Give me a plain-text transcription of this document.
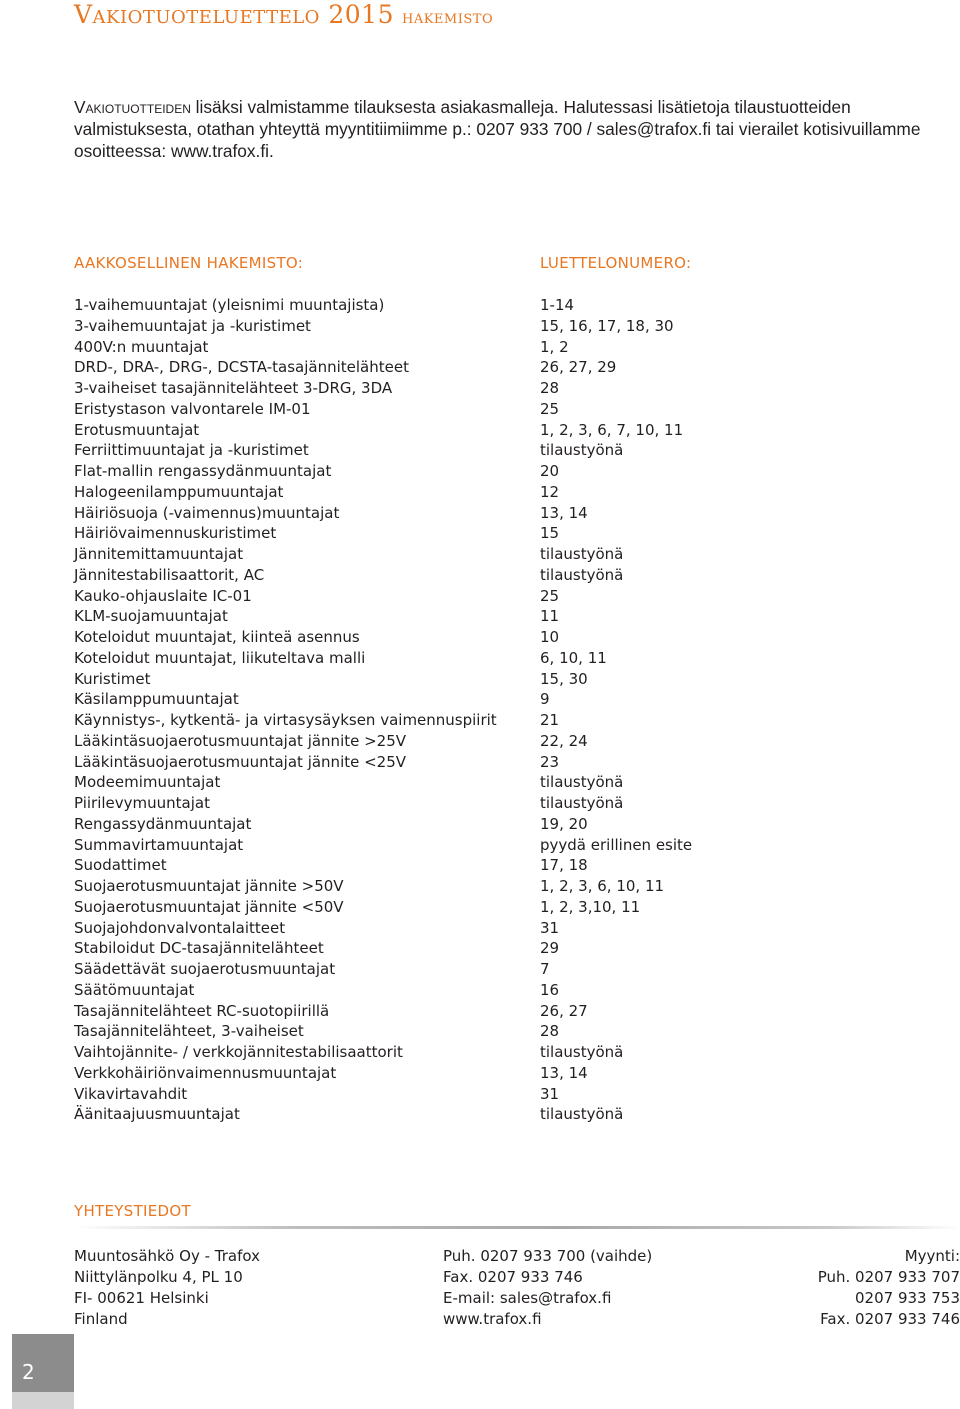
Vakiotuoteluettelo 2015 hakemisto

Vakiotuotteiden lisäksi valmistamme tilauksesta asiakasmalleja. Halutessasi lisätietoja tilaustuotteiden valmistuksesta, otathan yhteyttä myyntitiimiimme p.: 0207 933 700 / sales@trafox.fi tai vierailet kotisivuillamme osoitteessa: www.trafox.fi.

AAKKOSELLINEN HAKEMISTO:	LUETTELONUMERO:
1-vaihemuuntajat (yleisnimi muuntajista)	1-14
3-vaihemuuntajat ja -kuristimet	15, 16, 17, 18, 30
400V:n muuntajat	1, 2
DRD-, DRA-, DRG-, DCSTA-tasajännitelähteet	26, 27, 29
3-vaiheiset tasajännitelähteet 3-DRG, 3DA	28
Eristystason valvontarele IM-01	25
Erotusmuuntajat	1, 2, 3, 6, 7, 10, 11
Ferriittimuuntajat ja -kuristimet	tilaustyönä
Flat-mallin rengassydänmuuntajat	20
Halogeenilamppumuuntajat	12
Häiriösuoja (-vaimennus)muuntajat	13, 14
Häiriövaimennuskuristimet	15
Jännitemittamuuntajat	tilaustyönä
Jännitestabilisaattorit, AC	tilaustyönä
Kauko-ohjauslaite IC-01	25
KLM-suojamuuntajat	11
Koteloidut muuntajat, kiinteä asennus	10
Koteloidut muuntajat, liikuteltava malli	6, 10, 11
Kuristimet	15, 30
Käsilamppumuuntajat	9
Käynnistys-, kytkentä- ja virtasysäyksen vaimennuspiirit	21
Lääkintäsuojaerotusmuuntajat jännite >25V	22, 24
Lääkintäsuojaerotusmuuntajat jännite <25V	23
Modeemimuuntajat	tilaustyönä
Piirilevymuuntajat	tilaustyönä
Rengassydänmuuntajat	19, 20
Summavirtamuuntajat	pyydä erillinen esite
Suodattimet	17, 18
Suojaerotusmuuntajat jännite >50V	1, 2, 3, 6, 10, 11
Suojaerotusmuuntajat jännite <50V	1, 2, 3,10, 11
Suojajohdonvalvontalaitteet	31
Stabiloidut DC-tasajännitelähteet	29
Säädettävät suojaerotusmuuntajat	7
Säätömuuntajat	16
Tasajännitelähteet RC-suotopiirillä	26, 27
Tasajännitelähteet, 3-vaiheiset	28
Vaihtojännite- / verkkojännitestabilisaattorit	tilaustyönä
Verkkohäiriönvaimennusmuuntajat	13, 14
Vikavirtavahdit	31
Äänitaajuusmuuntajat	tilaustyönä
YHTEYSTIEDOT
Muuntosähkö Oy - Trafox
Niittylänpolku 4, PL 10
FI- 00621 Helsinki
Finland
Puh. 0207 933 700 (vaihde)
Fax. 0207 933 746
E-mail: sales@trafox.fi
www.trafox.fi
Myynti:
Puh. 0207 933 707
0207 933 753
Fax. 0207 933 746
2
